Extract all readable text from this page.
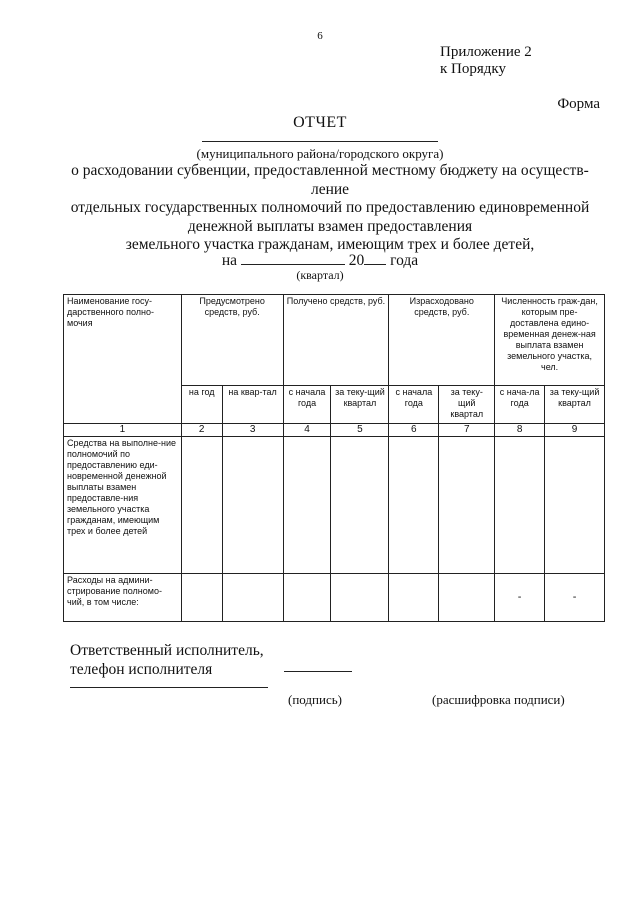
6
Приложение 2
к Порядку
Форма
ОТЧЕТ
(муниципального района/городского округа)
о расходовании субвенции, предоставленной местному бюджету на осуществ-
ление
отдельных государственных полномочий по предоставлению единовременной
денежной выплаты взамен предоставления
земельного участка гражданам, имеющим трех и более детей,
на	20 года
(квартал)
Наименование госу-дарственного полно-мочия	Предусмотрено средств, руб.		Получено средств, руб.		Израсходовано средств, руб.		Численность граж-дан, которым пре-доставлена едино-временная денеж-ная выплата взамен земельного участка, чел.	
	на год	на квар-тал	с начала года	за теку-щий квартал	с начала года	за теку-щий квартал	с нача-ла года	за теку-щий квартал
1	2	3	4	5	6	7	8	9
Средства на выполне-ние полномочий по предоставлению еди-новременной денежной выплаты взамен предоставле-ния земельного участка гражданам, имеющим трех и более детей								
Расходы на админи-стрирование полномо-чий, в том числе:							-	-
Ответственный исполнитель,
телефон исполнителя
(подпись)	(расшифровка подписи)
